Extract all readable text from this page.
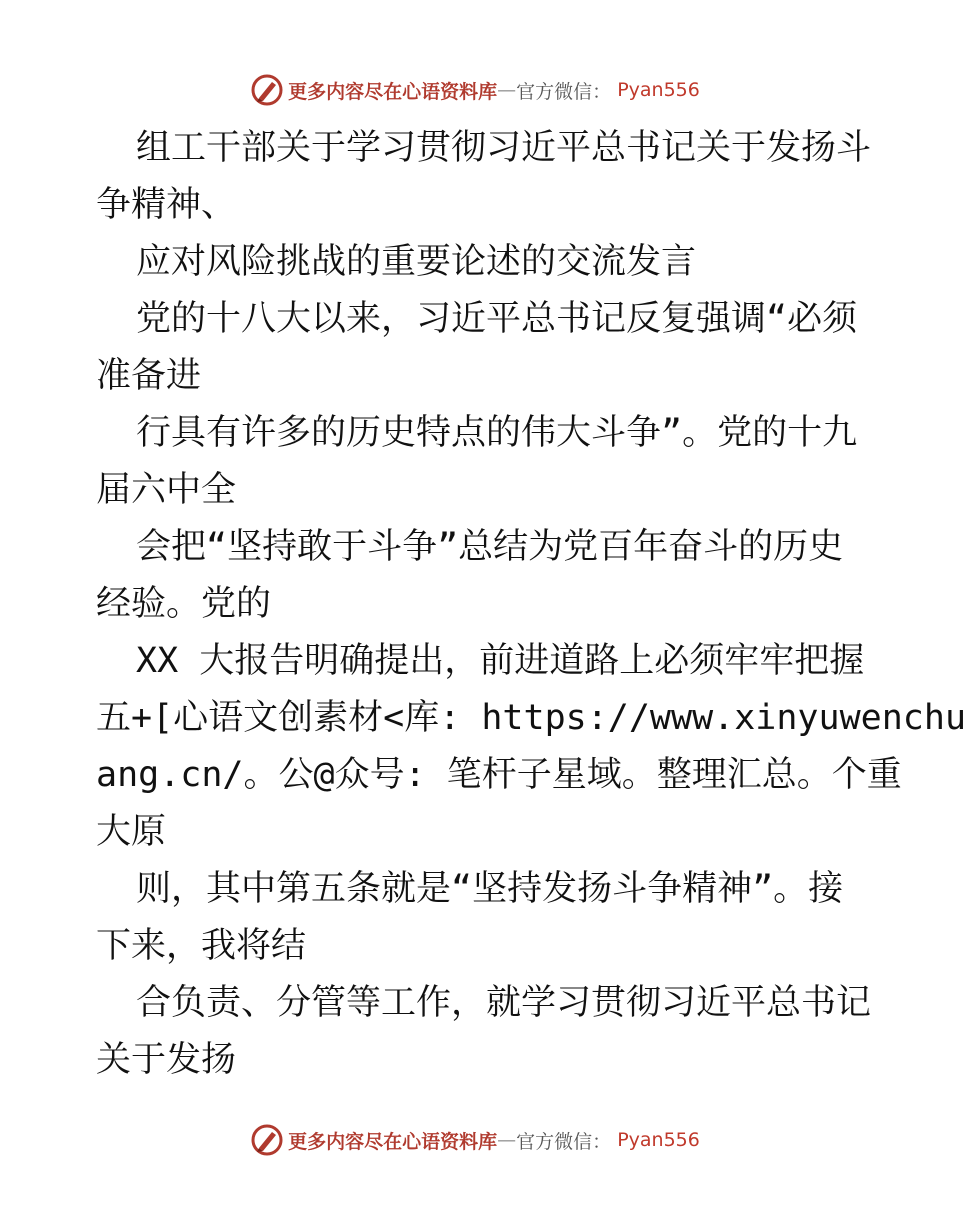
更多内容尽在心语资料库 — 官方微信： Pyan556
组工干部关于学习贯彻习近平总书记关于发扬斗
争精神、
应对风险挑战的重要论述的交流发言
党的十八大以来，习近平总书记反复强调“必须
准备进
行具有许多的历史特点的伟大斗争”。党的十九
届六中全
会把“坚持敢于斗争”总结为党百年奋斗的历史
经验。党的
XX 大报告明确提出，前进道路上必须牢牢把握
五+[心语文创素材<库: https://www.xinyuwenchu
ang.cn/。公@众号: 笔杆子星域。整理汇总。个重
大原
则，其中第五条就是“坚持发扬斗争精神”。接
下来，我将结
合负责、分管等工作，就学习贯彻习近平总书记
关于发扬
更多内容尽在心语资料库 — 官方微信： Pyan556
